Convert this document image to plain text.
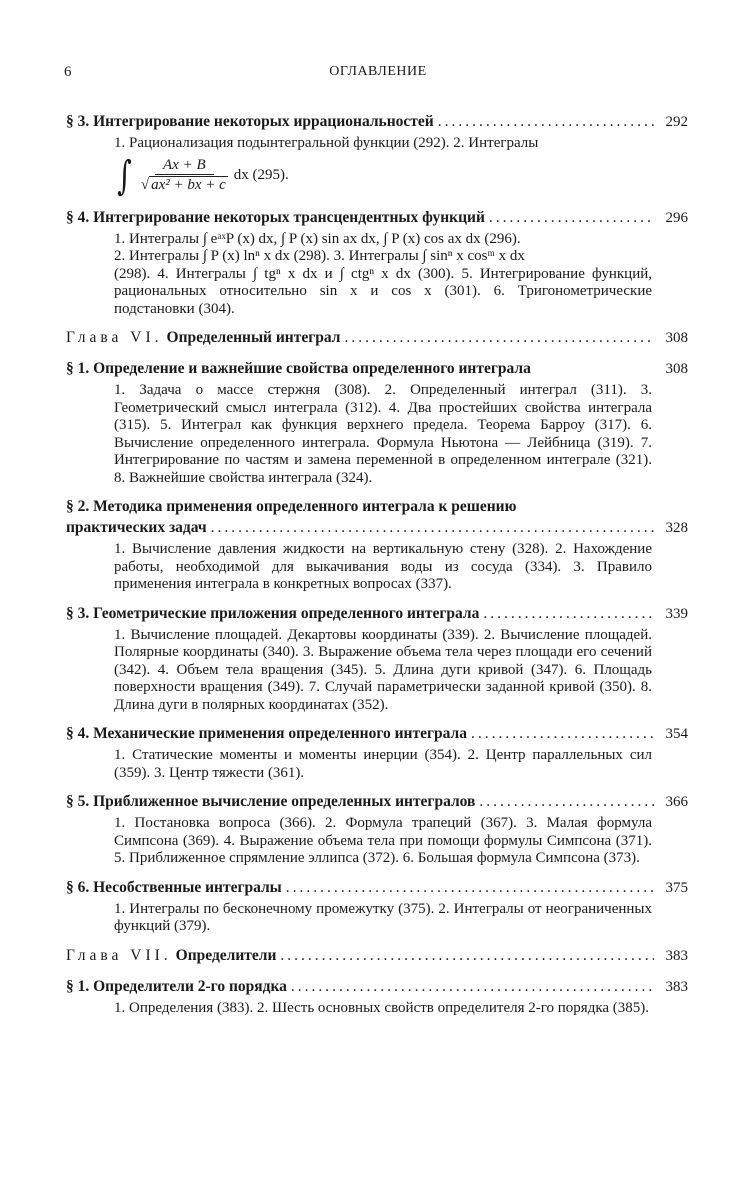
6	ОГЛАВЛЕНИЕ
§ 3. Интегрирование некоторых иррациональностей .....	292
1. Рационализация подынтегральной функции (292). 2. Интегралы
∫ $\frac{Ax + B}{\text{√ ax² + bx + c}}$ dx (295).
§ 4. Интегрирование некоторых трансцендентных функций .....	296
1. Интегралы ∫ eᵃˣP (x) dx, ∫ P (x) sin ax dx, ∫ P (x) cos ax dx (296).
2. Интегралы ∫ P (x) lnⁿ x dx (298). 3. Интегралы ∫ sinⁿ x cosᵐ x dx
(298). 4. Интегралы ∫ tgⁿ x dx и ∫ ctgⁿ x dx (300). 5. Интегрирование функций, рациональных относительно sin x и cos x (301). 6. Тригонометрические подстановки (304).
Глава VI. Определенный интеграл .....	308
§ 1. Определение и важнейшие свойства определенного интеграла	308
1. Задача о массе стержня (308). 2. Определенный интеграл (311). 3. Геометрический смысл интеграла (312). 4. Два простейших свойства интеграла (315). 5. Интеграл как функция верхнего предела. Теорема Барроу (317). 6. Вычисление определенного интеграла. Формула Ньютона — Лейбница (319). 7. Интегрирование по частям и замена переменной в определенном интеграле (321). 8. Важнейшие свойства интеграла (324).
§ 2. Методика применения определенного интеграла к решению
практических задач .....	328
1. Вычисление давления жидкости на вертикальную стену (328). 2. Нахождение работы, необходимой для выкачивания воды из сосуда (334). 3. Правило применения интеграла в конкретных вопросах (337).
§ 3. Геометрические приложения определенного интеграла .....	339
1. Вычисление площадей. Декартовы координаты (339). 2. Вычисление площадей. Полярные координаты (340). 3. Выражение объема тела через площади его сечений (342). 4. Объем тела вращения (345). 5. Длина дуги кривой (347). 6. Площадь поверхности вращения (349). 7. Случай параметрически заданной кривой (350). 8. Длина дуги в полярных координатах (352).
§ 4. Механические применения определенного интеграла .....	354
1. Статические моменты и моменты инерции (354). 2. Центр параллельных сил (359). 3. Центр тяжести (361).
§ 5. Приближенное вычисление определенных интегралов .....	366
1. Постановка вопроса (366). 2. Формула трапеций (367). 3. Малая формула Симпсона (369). 4. Выражение объема тела при помощи формулы Симпсона (371). 5. Приближенное спрямление эллипса (372). 6. Большая формула Симпсона (373).
§ 6. Несобственные интегралы .....	375
1. Интегралы по бесконечному промежутку (375). 2. Интегралы от неограниченных функций (379).
Глава VII. Определители .....	383
§ 1. Определители 2-го порядка .....	383
1. Определения (383). 2. Шесть основных свойств определителя 2-го порядка (385).
